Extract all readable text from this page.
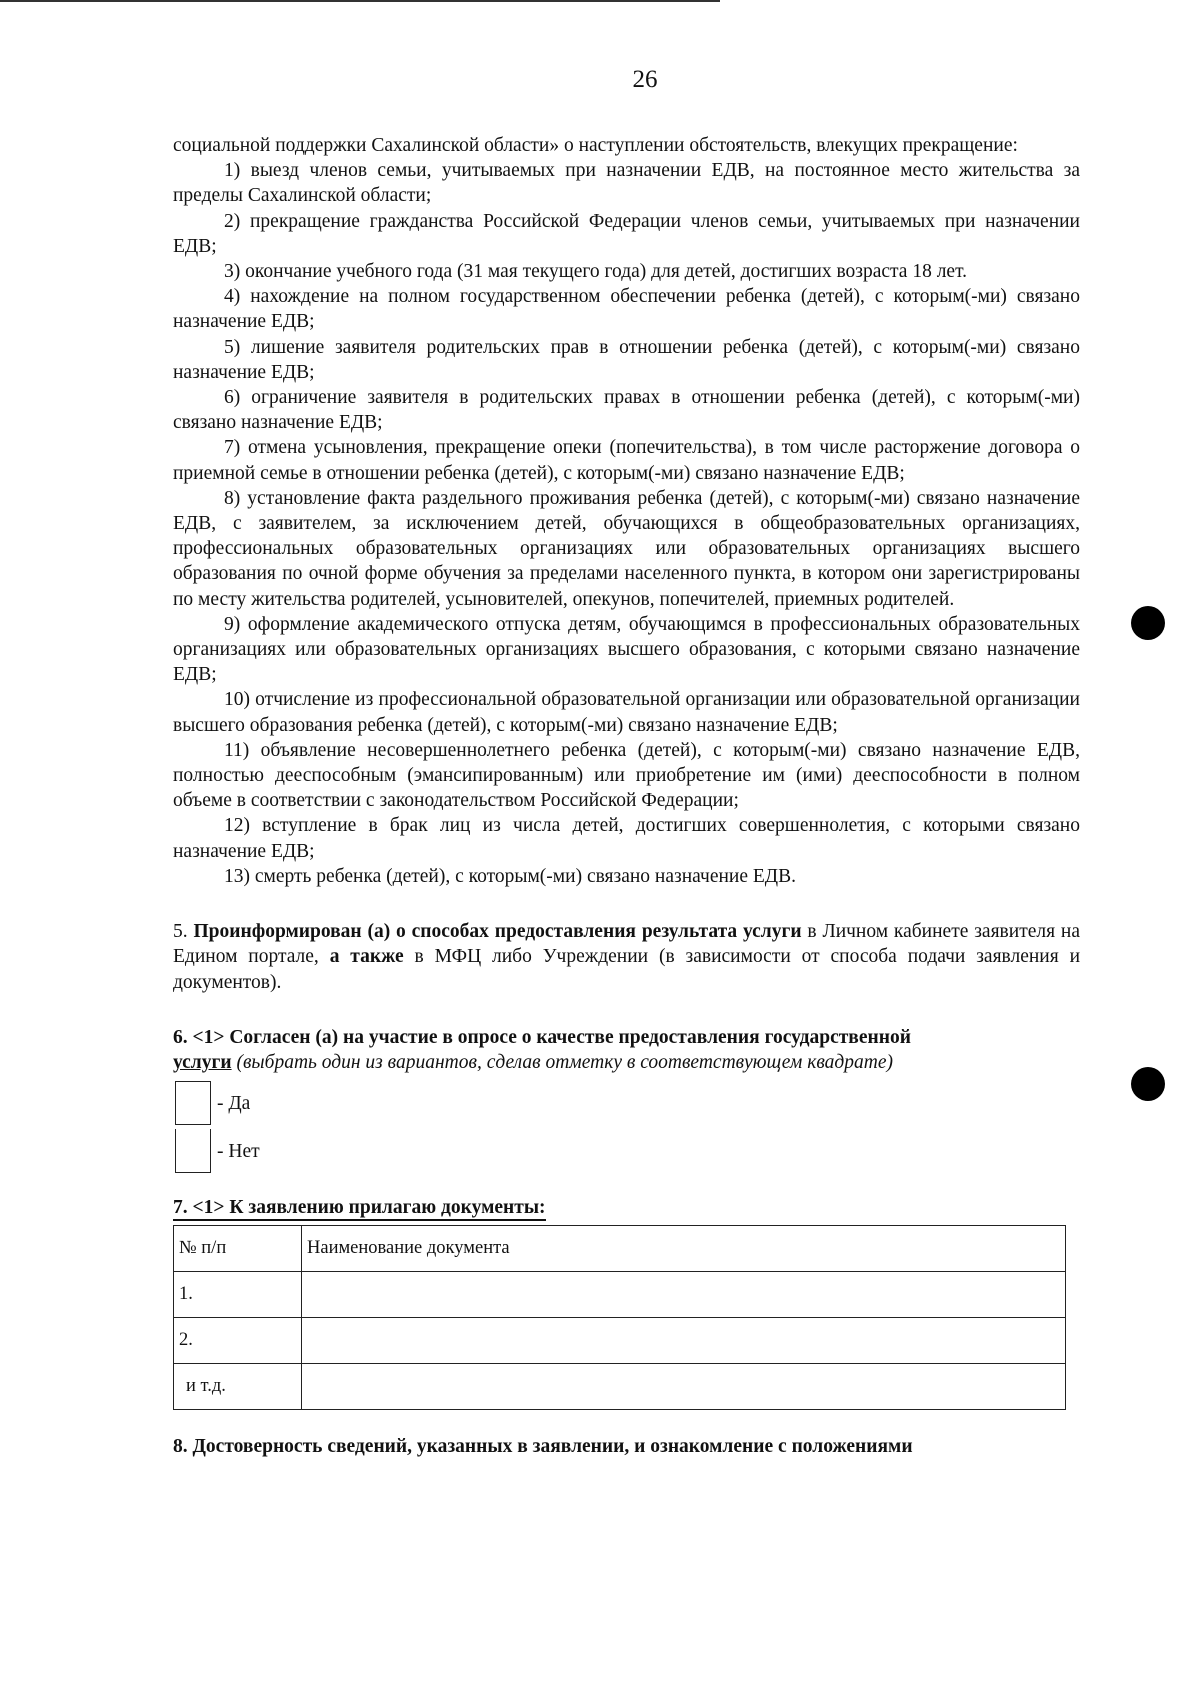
26

социальной поддержки Сахалинской области» о наступлении обстоятельств, влекущих прекращение:

1) выезд членов семьи, учитываемых при назначении ЕДВ, на постоянное место жительства за пределы Сахалинской области;

2) прекращение гражданства Российской Федерации членов семьи, учитываемых при назначении ЕДВ;

3) окончание учебного года (31 мая текущего года) для детей, достигших возраста 18 лет.

4) нахождение на полном государственном обеспечении ребенка (детей), с которым(-ми) связано назначение ЕДВ;

5) лишение заявителя родительских прав в отношении ребенка (детей), с которым(-ми) связано назначение ЕДВ;

6) ограничение заявителя в родительских правах в отношении ребенка (детей), с которым(-ми) связано назначение ЕДВ;

7) отмена усыновления, прекращение опеки (попечительства), в том числе расторжение договора о приемной семье в отношении ребенка (детей), с которым(-ми) связано назначение ЕДВ;

8) установление факта раздельного проживания ребенка (детей), с которым(-ми) связано назначение ЕДВ, с заявителем, за исключением детей, обучающихся в общеобразовательных организациях, профессиональных образовательных организациях или образовательных организациях высшего образования по очной форме обучения за пределами населенного пункта, в котором они зарегистрированы по месту жительства родителей, усыновителей, опекунов, попечителей, приемных родителей.

9) оформление академического отпуска детям, обучающимся в профессиональных образовательных организациях или образовательных организациях высшего образования, с которыми связано назначение ЕДВ;

10) отчисление из профессиональной образовательной организации или образовательной организации высшего образования ребенка (детей), с которым(-ми) связано назначение ЕДВ;

11) объявление несовершеннолетнего ребенка (детей), с которым(-ми) связано назначение ЕДВ, полностью дееспособным (эмансипированным) или приобретение им (ими) дееспособности в полном объеме в соответствии с законодательством Российской Федерации;

12) вступление в брак лиц из числа детей, достигших совершеннолетия, с которыми связано назначение ЕДВ;

13) смерть ребенка (детей), с которым(-ми) связано назначение ЕДВ.

5. Проинформирован (а) о способах предоставления результата услуги в Личном кабинете заявителя на Едином портале, а также в МФЦ либо Учреждении (в зависимости от способа подачи заявления и документов).

6. <1> Согласен (а) на участие в опросе о качестве предоставления государственной

услуги (выбрать один из вариантов, сделав отметку в соответствующем квадрате)

- Да
- Нет
7. <1> К заявлению прилагаю документы:
№ п/п	Наименование документа
1.	
2.	
и т.д.	

8. Достоверность сведений, указанных в заявлении, и ознакомление с положениями
